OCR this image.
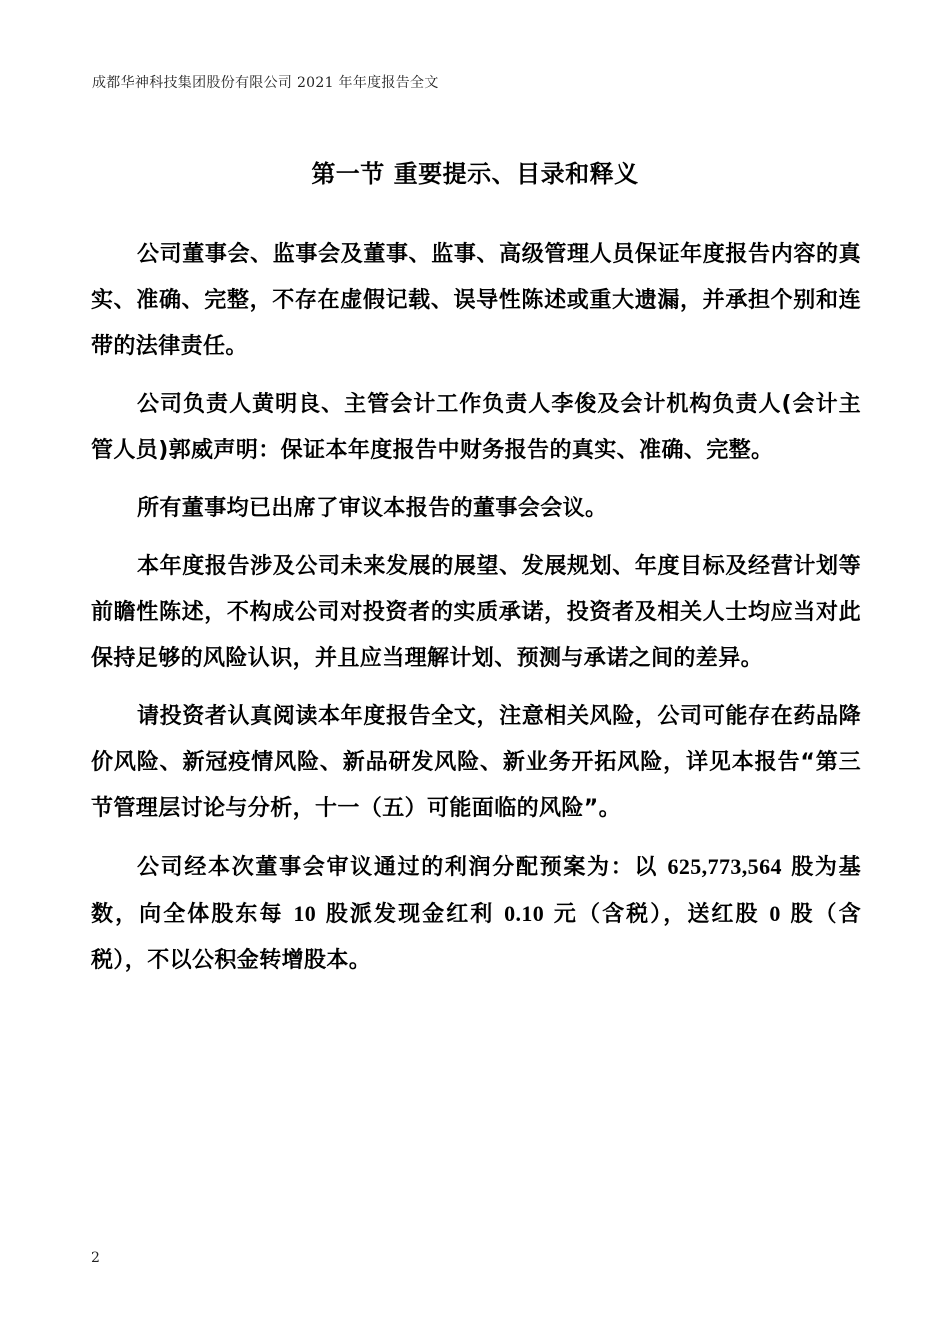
成都华神科技集团股份有限公司 2021 年年度报告全文
第一节 重要提示、目录和释义

公司董事会、监事会及董事、监事、高级管理人员保证年度报告内容的真实、准确、完整，不存在虚假记载、误导性陈述或重大遗漏，并承担个别和连带的法律责任。

公司负责人黄明良、主管会计工作负责人李俊及会计机构负责人(会计主管人员)郭威声明：保证本年度报告中财务报告的真实、准确、完整。

所有董事均已出席了审议本报告的董事会会议。

本年度报告涉及公司未来发展的展望、发展规划、年度目标及经营计划等前瞻性陈述，不构成公司对投资者的实质承诺，投资者及相关人士均应当对此保持足够的风险认识，并且应当理解计划、预测与承诺之间的差异。

请投资者认真阅读本年度报告全文，注意相关风险，公司可能存在药品降价风险、新冠疫情风险、新品研发风险、新业务开拓风险，详见本报告“第三节管理层讨论与分析，十一（五）可能面临的风险”。

公司经本次董事会审议通过的利润分配预案为：以 625,773,564 股为基数，向全体股东每 10 股派发现金红利 0.10 元（含税），送红股 0 股（含税），不以公积金转增股本。

2
